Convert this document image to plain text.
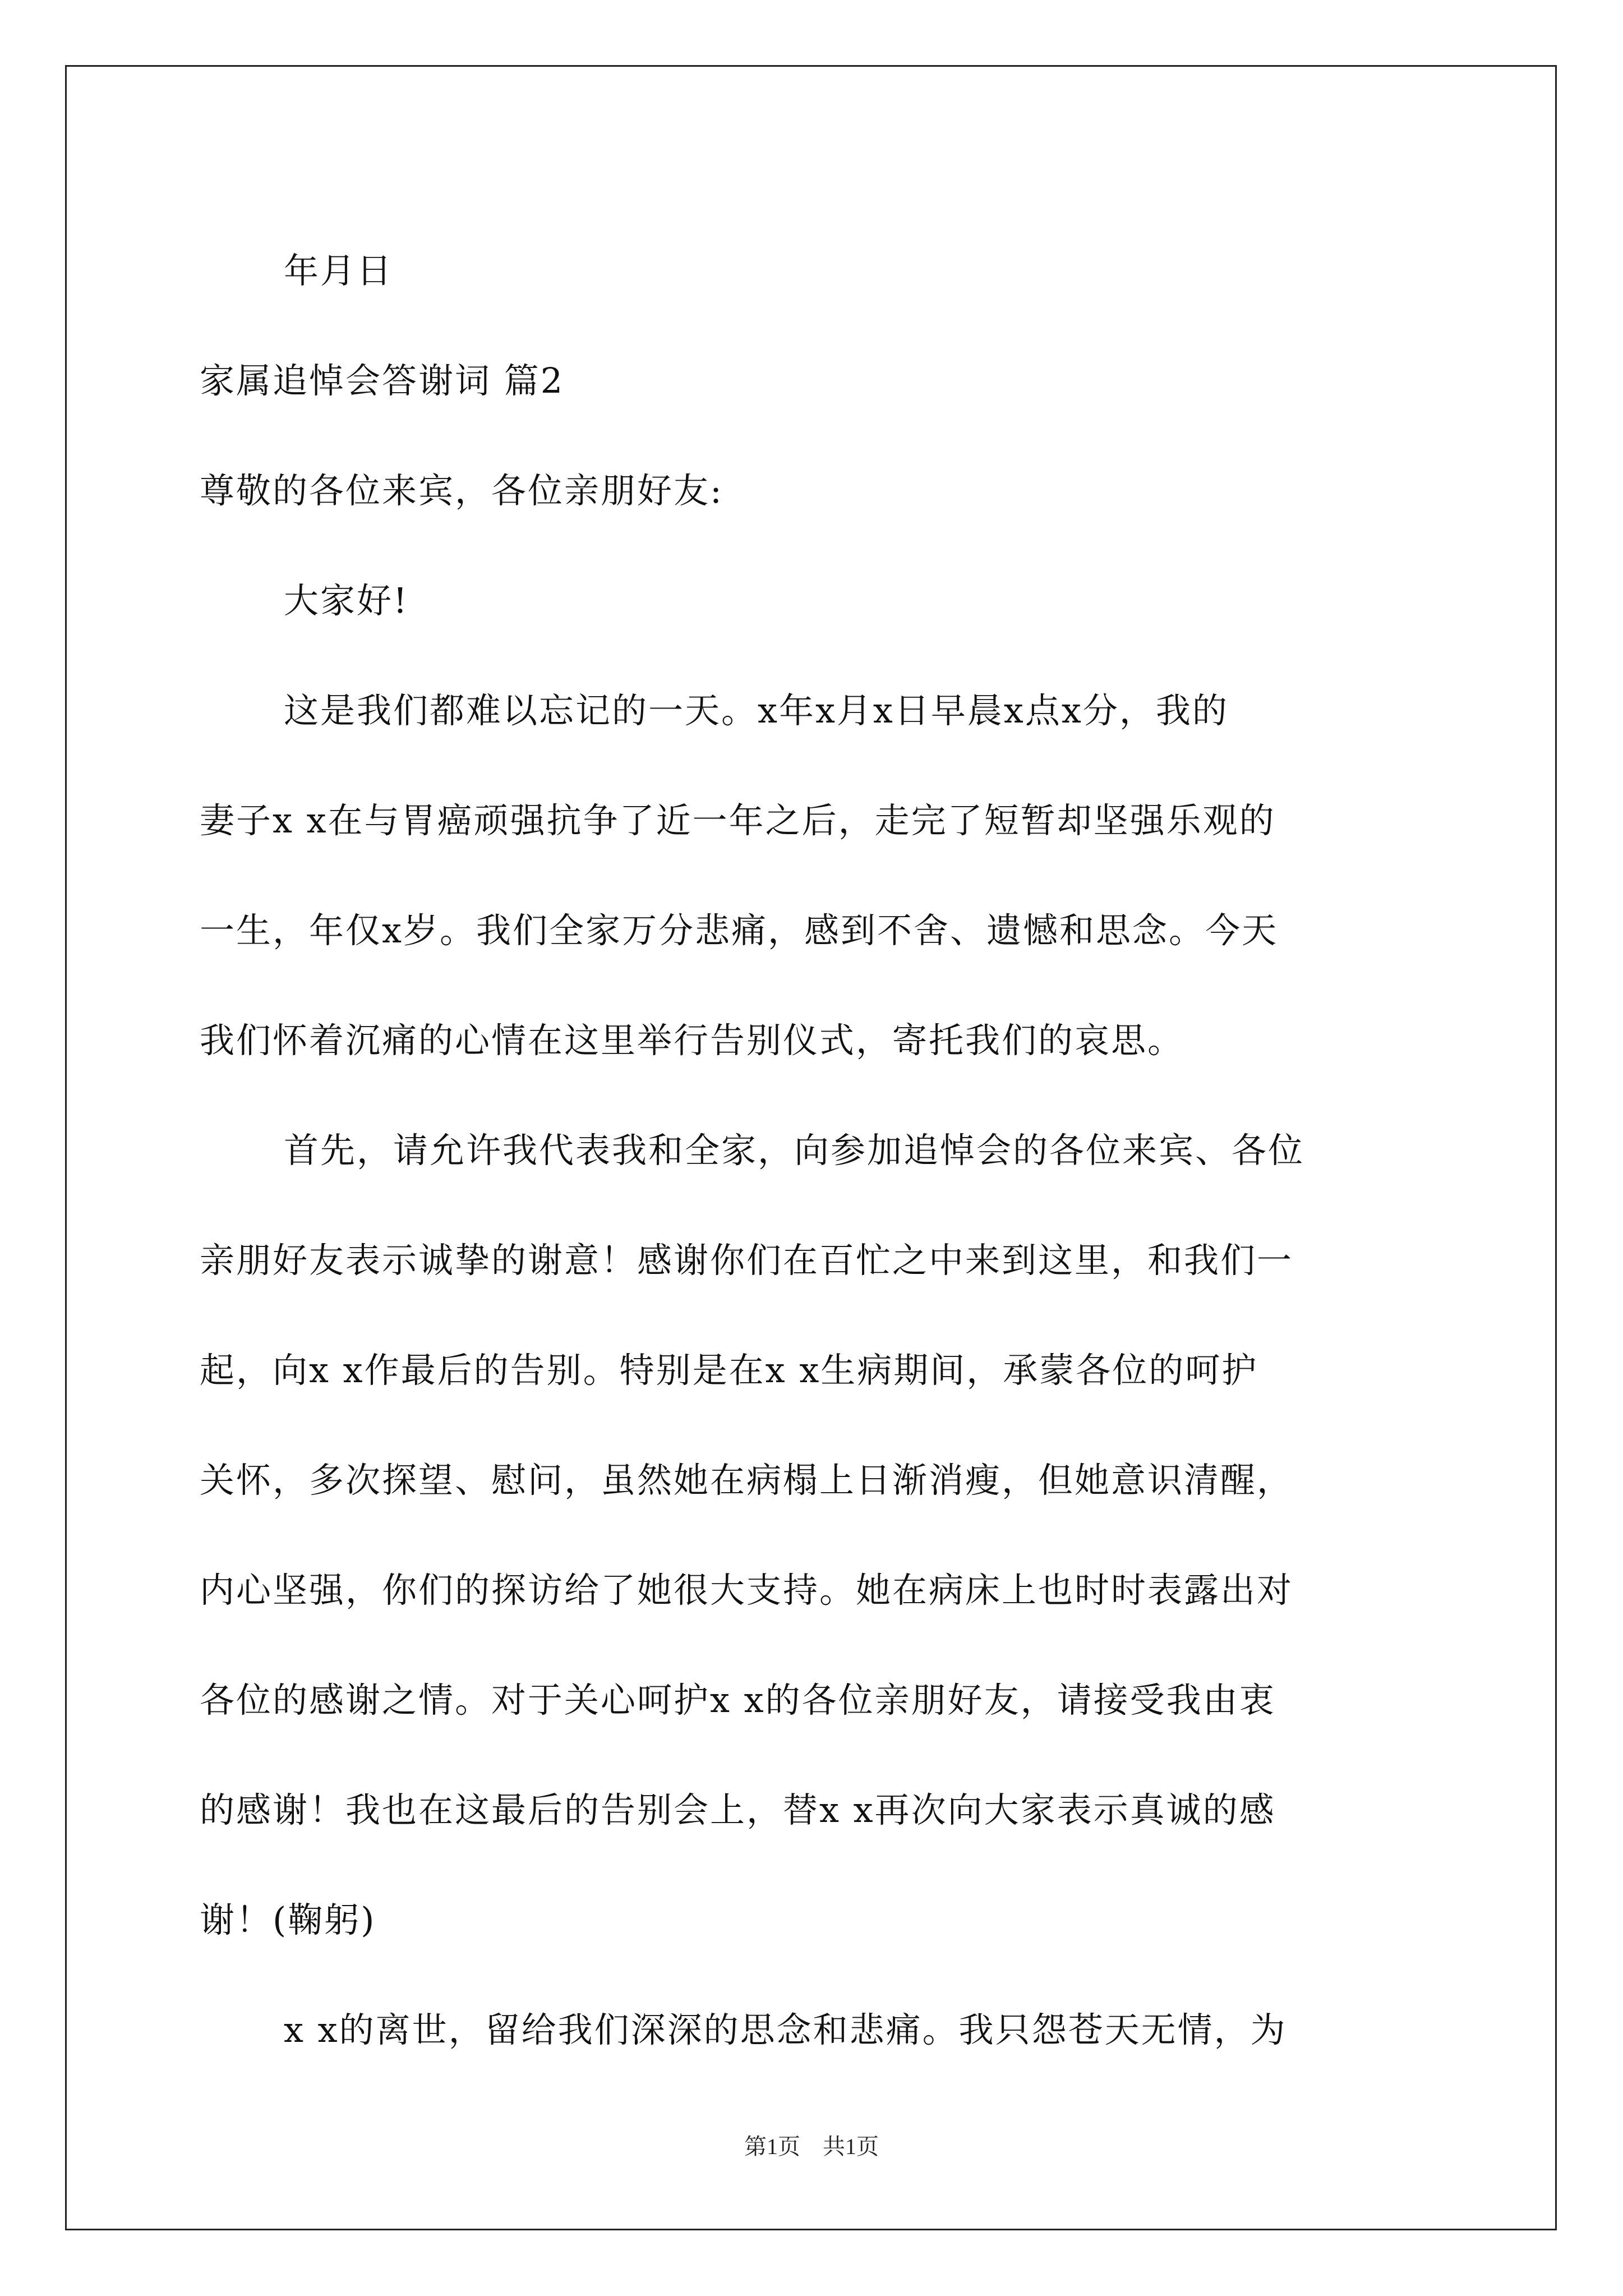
年月日

家属追悼会答谢词 篇2

尊敬的各位来宾，各位亲朋好友:

大家好!

这是我们都难以忘记的一天。x年x月x日早晨x点x分，我的

妻子x x在与胃癌顽强抗争了近一年之后，走完了短暂却坚强乐观的

一生，年仅x岁。我们全家万分悲痛，感到不舍、遗憾和思念。今天

我们怀着沉痛的心情在这里举行告别仪式，寄托我们的哀思。

首先，请允许我代表我和全家，向参加追悼会的各位来宾、各位

亲朋好友表示诚挚的谢意！感谢你们在百忙之中来到这里，和我们一

起，向x x作最后的告别。特别是在x x生病期间，承蒙各位的呵护

关怀，多次探望、慰问，虽然她在病榻上日渐消瘦，但她意识清醒，

内心坚强，你们的探访给了她很大支持。她在病床上也时时表露出对

各位的感谢之情。对于关心呵护x x的各位亲朋好友，请接受我由衷

的感谢！我也在这最后的告别会上，替x x再次向大家表示真诚的感

谢！(鞠躬)

x x的离世，留给我们深深的思念和悲痛。我只怨苍天无情，为

第1页　共1页
